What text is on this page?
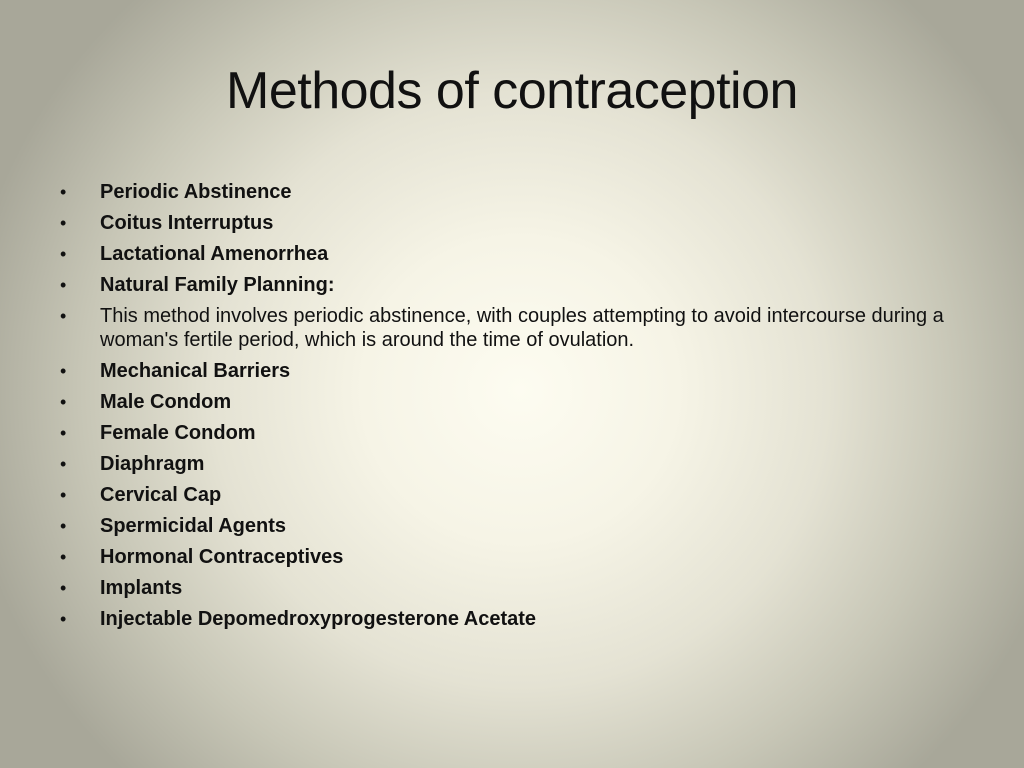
Methods of contraception
•	Periodic Abstinence
•	Coitus Interruptus
•	Lactational Amenorrhea
•	Natural Family Planning:
•	This method involves periodic abstinence, with couples attempting to avoid intercourse during a woman's fertile period, which is around the time of ovulation.
•	Mechanical Barriers
•	Male Condom
•	Female Condom
•	Diaphragm
•	Cervical Cap
•	Spermicidal Agents
•	Hormonal Contraceptives
•	Implants
•	Injectable Depomedroxyprogesterone Acetate
